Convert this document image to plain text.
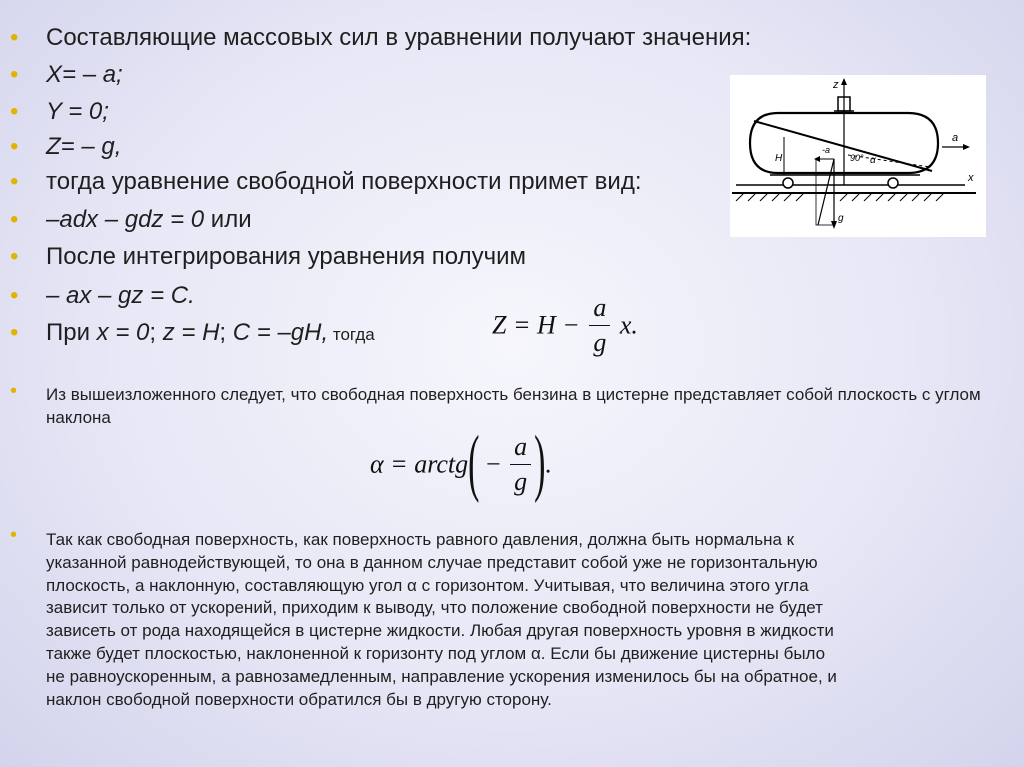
• Составляющие массовых сил в уравнении получают значения:
• X= – a;
• Y = 0;
• Z= – g,
• тогда уравнение свободной поверхности примет вид:
• –adx – gdz = 0 или
• После интегрирования уравнения получим
• – ax – gz = C.
• При x = 0; z = H; C = –gH, тогда	$Z = H - \frac{a}{g} x$.
• Из вышеизложенного следует, что свободная поверхность бензина в цистерне представляет собой плоскость с углом наклона
α = arctg( − $\frac{a}{g}$ ).
• Так как свободная поверхность, как поверхность равного давления, должна быть нормальна к
указанной равнодействующей, то она в данном случае представит собой уже не горизонтальную
плоскость, а наклонную, составляющую угол α с горизонтом. Учитывая, что величина этого угла
зависит только от ускорений, приходим к выводу, что положение свободной поверхности не будет
зависеть от рода находящейся в цистерне жидкости. Любая другая поверхность уровня в жидкости
также будет плоскостью, наклоненной к горизонту под углом α. Если бы движение цистерны было
не равноускоренным, а равнозамедленным, направление ускорения изменилось бы на обратное, и
наклон свободной поверхности обратился бы в другую сторону.
z
H
a
x
-a
g
90° α
